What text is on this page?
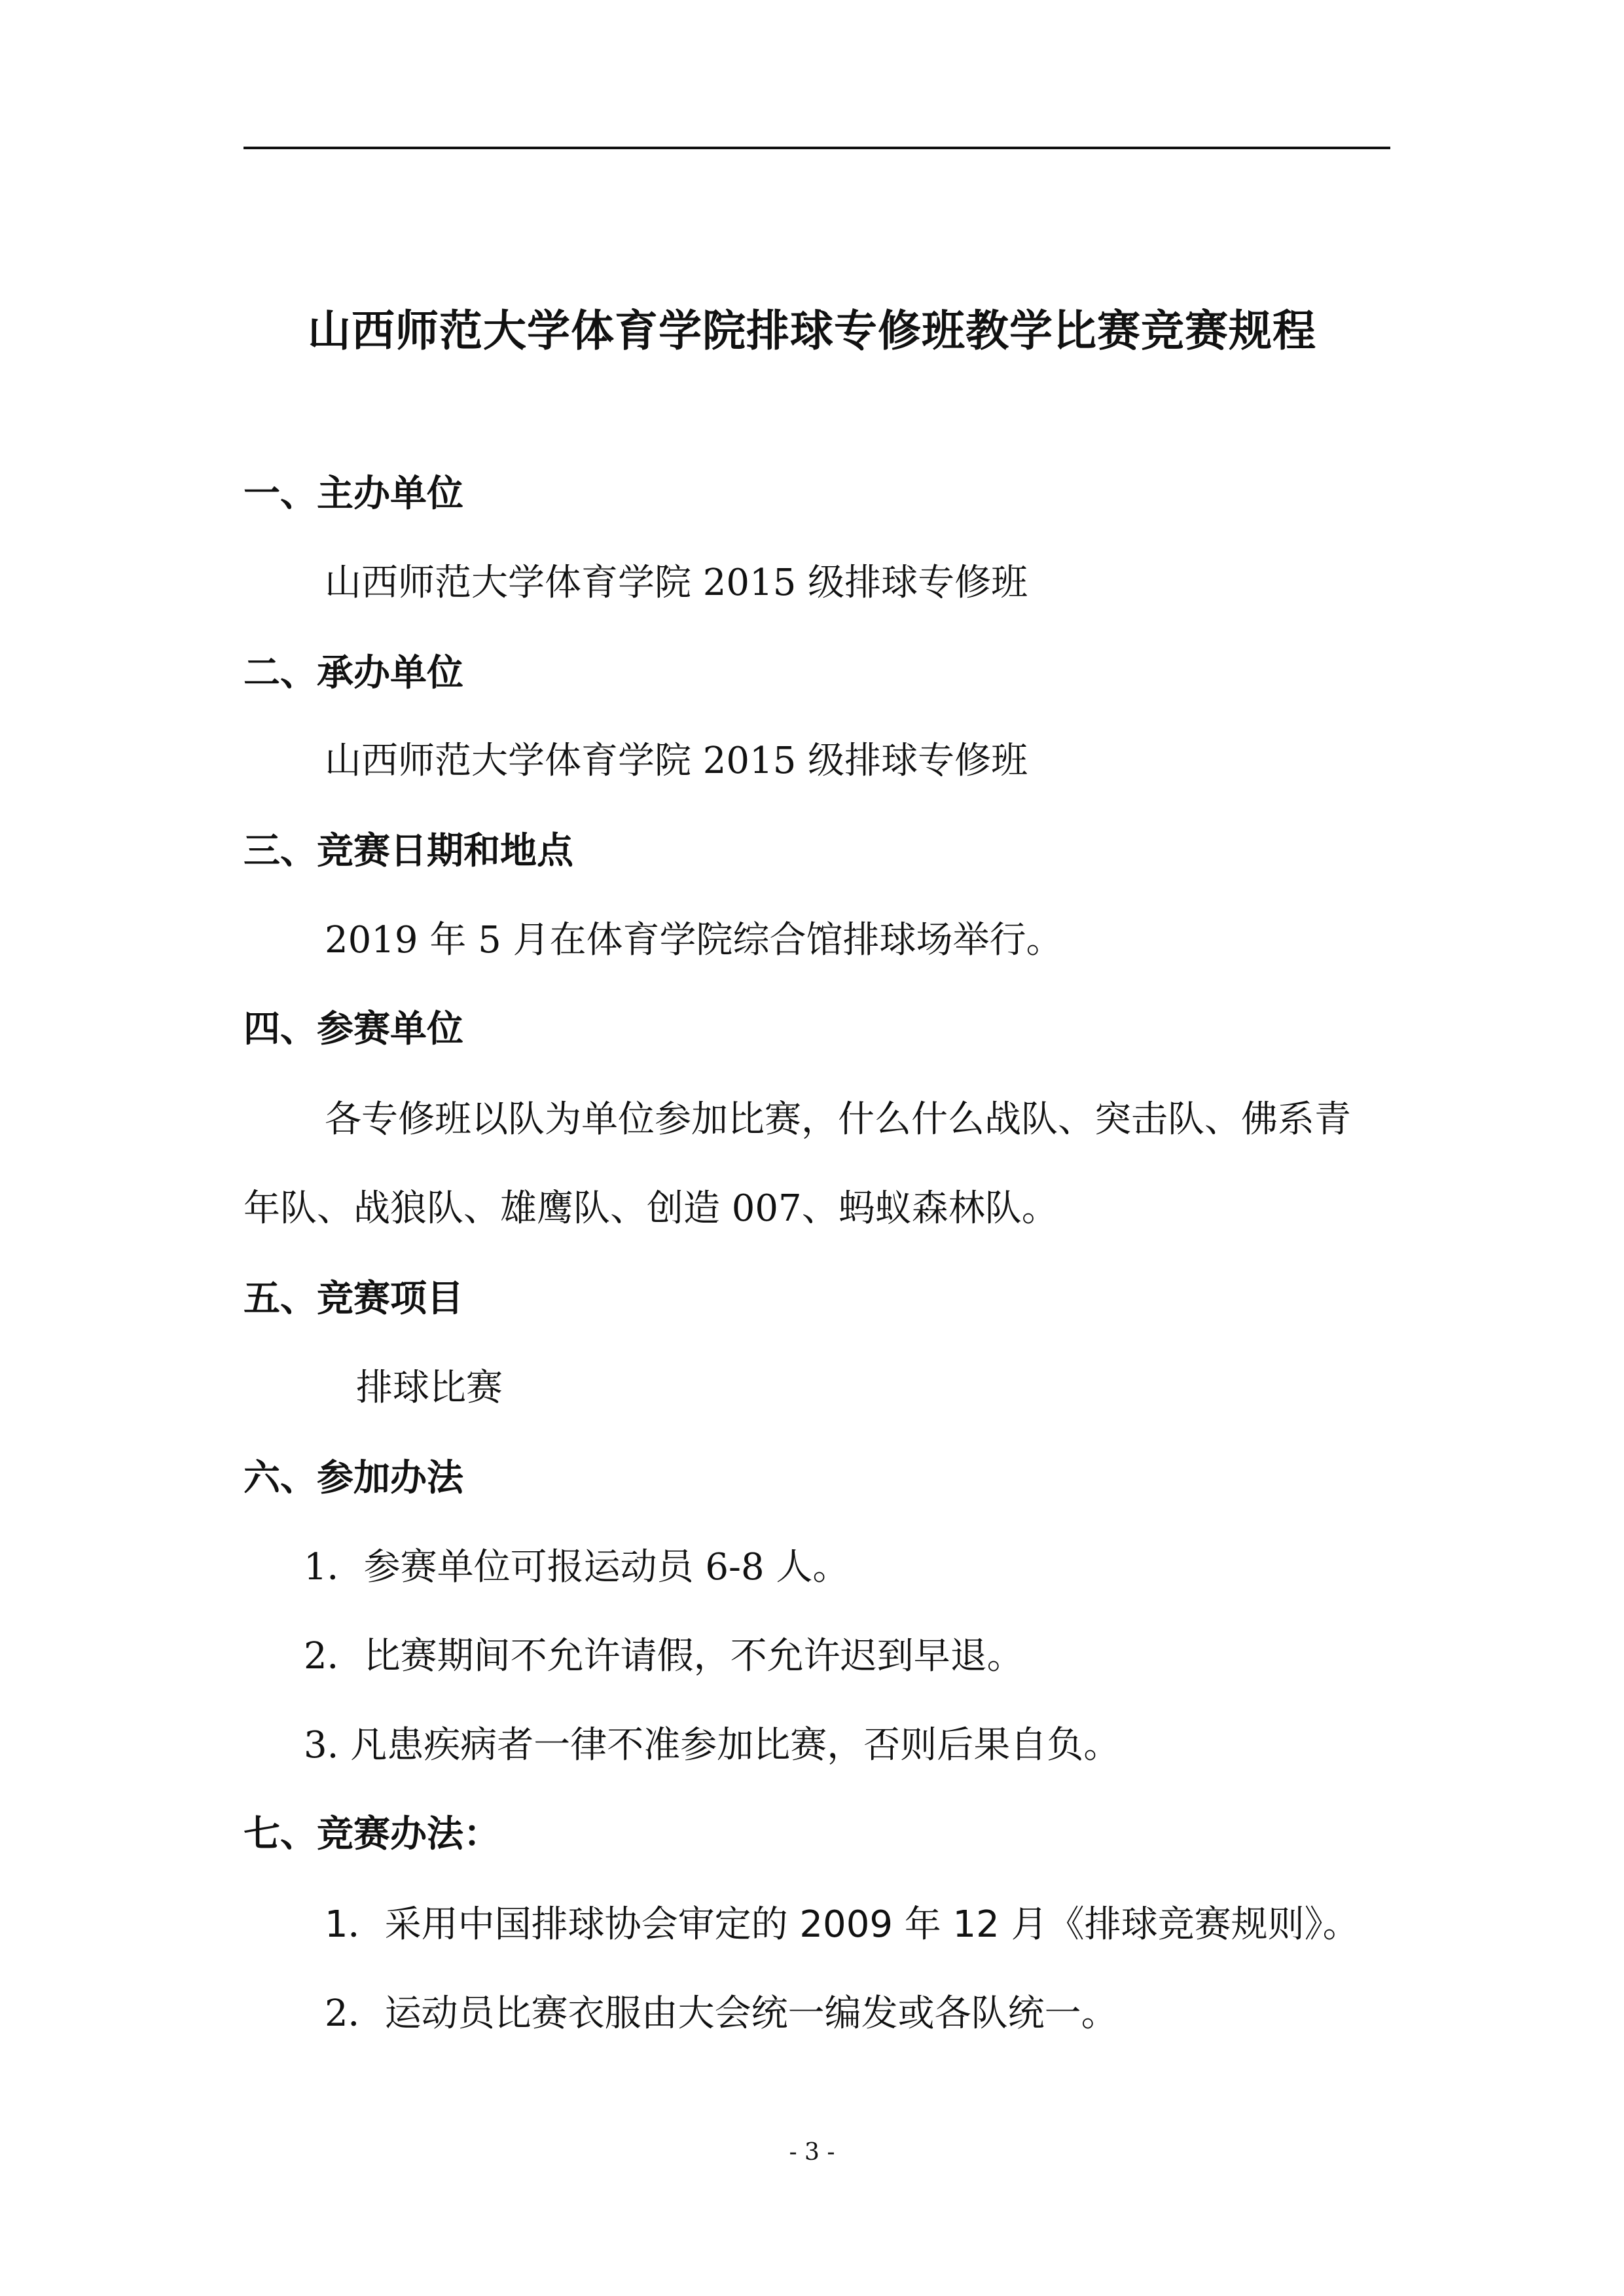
山西师范大学体育学院排球专修班教学比赛竞赛规程
一、主办单位
山西师范大学体育学院 2015 级排球专修班
二、承办单位
山西师范大学体育学院 2015 级排球专修班
三、竞赛日期和地点
2019 年 5 月在体育学院综合馆排球场举行。
四、参赛单位
各专修班以队为单位参加比赛，什么什么战队、突击队、佛系青
年队、战狼队、雄鹰队、创造 007、蚂蚁森林队。
五、竞赛项目
排球比赛
六、参加办法
1．参赛单位可报运动员 6-8 人。
2．比赛期间不允许请假，不允许迟到早退。
3. 凡患疾病者一律不准参加比赛，否则后果自负。
七、竞赛办法：
1．采用中国排球协会审定的 2009 年 12 月《排球竞赛规则》。
2．运动员比赛衣服由大会统一编发或各队统一。
- 3 -
